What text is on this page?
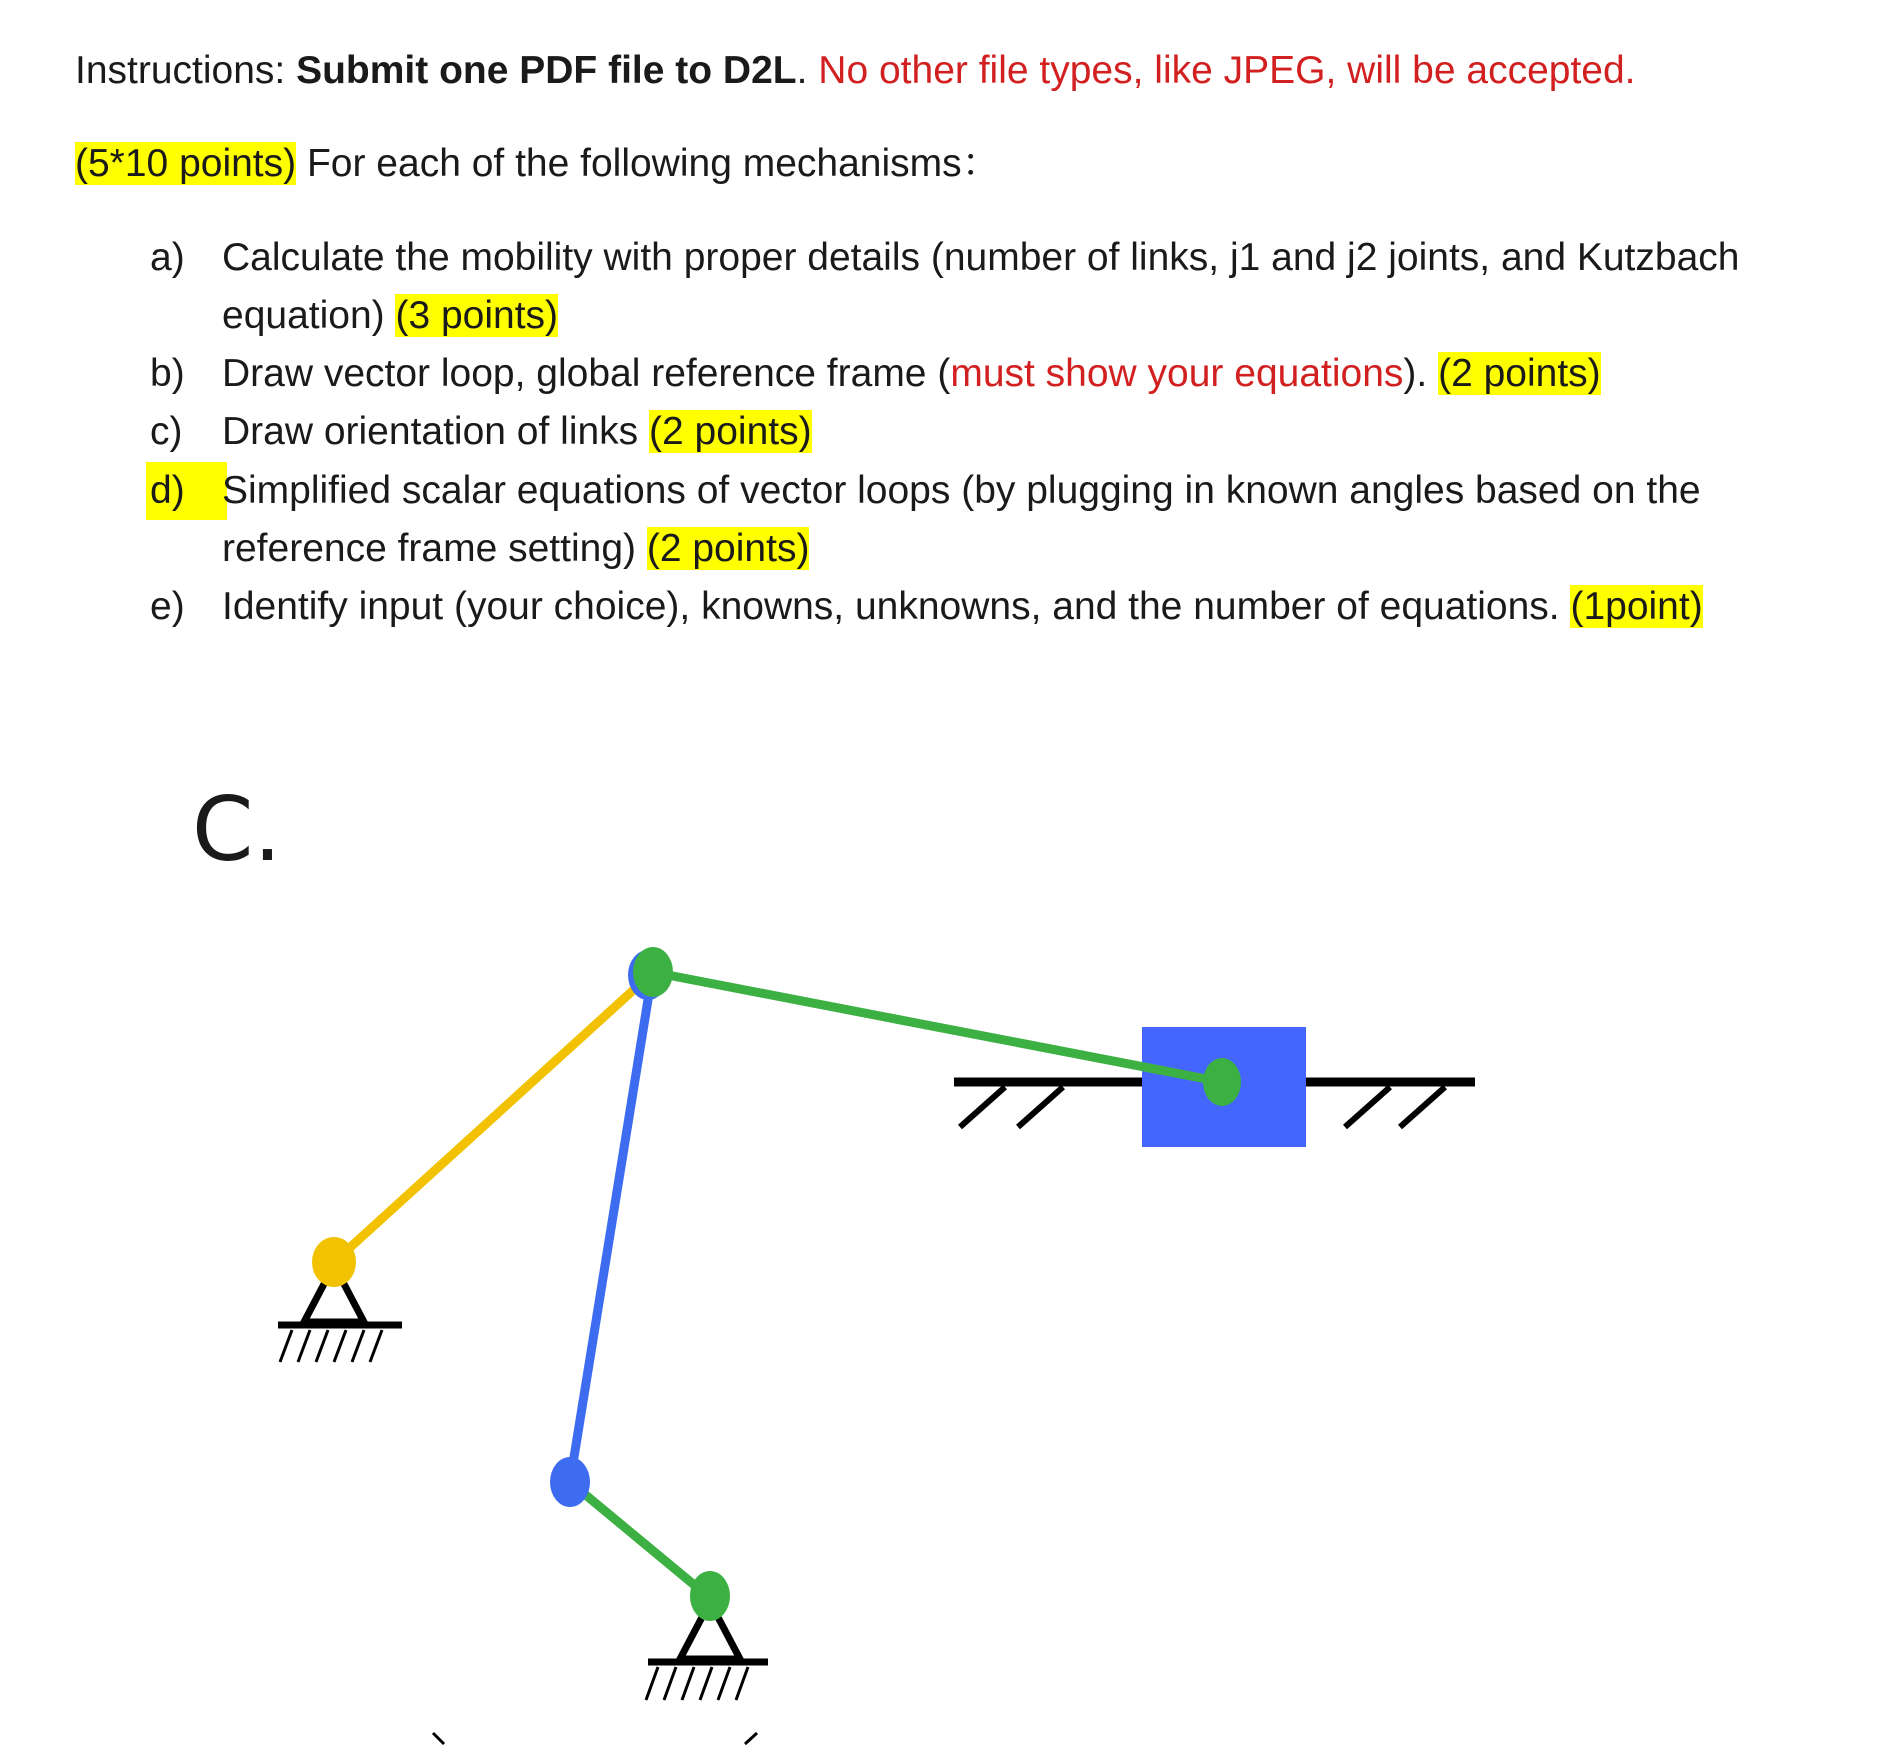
Instructions: Submit one PDF file to D2L. No other file types, like JPEG, will be accepted.
(5*10 points) For each of the following mechanisms：
a) Calculate the mobility with proper details (number of links, j1 and j2 joints, and Kutzbach
equation) (3 points)
b) Draw vector loop, global reference frame (must show your equations). (2 points)
c) Draw orientation of links (2 points)
d) Simplified scalar equations of vector loops (by plugging in known angles based on the
reference frame setting) (2 points)
e) Identify input (your choice), knowns, unknowns, and the number of equations. (1point)
C.
